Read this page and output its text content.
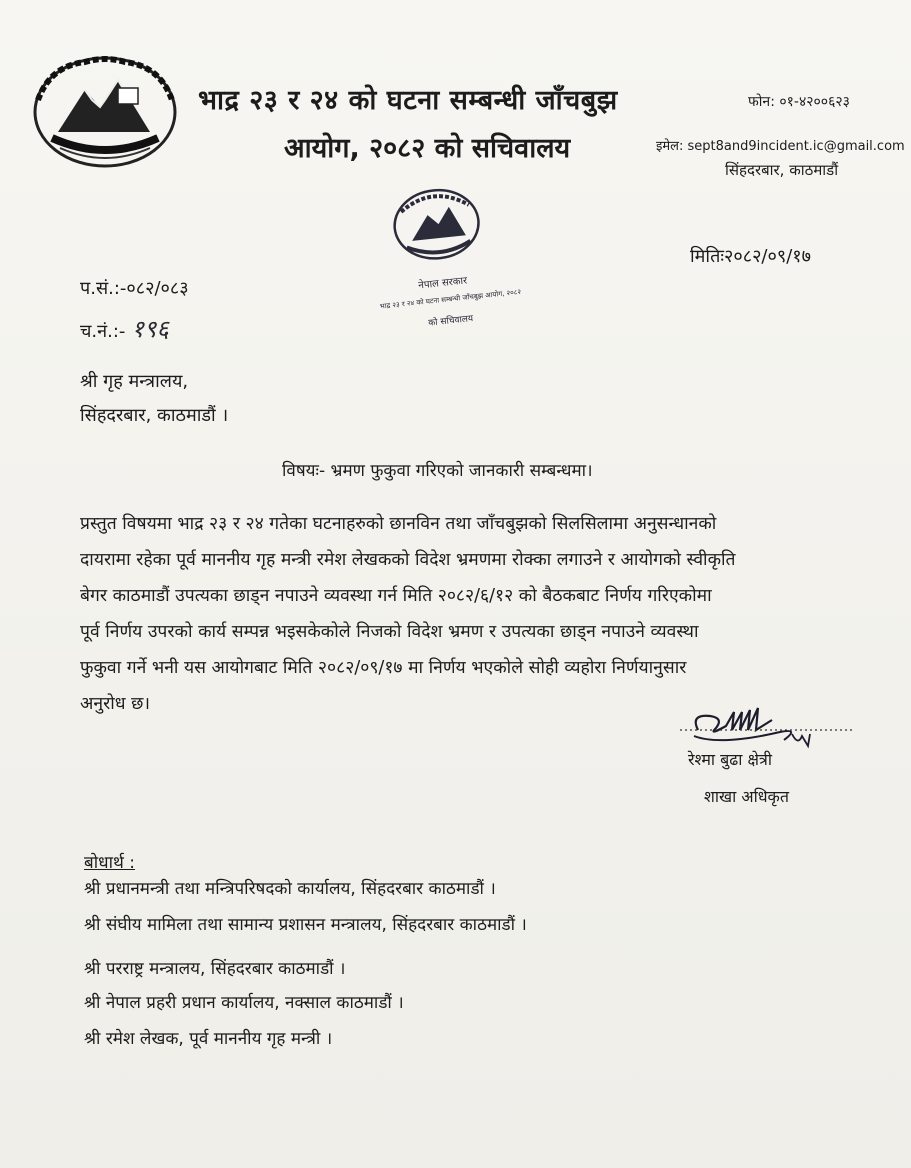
भाद्र २३ र २४ को घटना सम्बन्धी जाँचबुझ
आयोग, २०८२ को सचिवालय
फोन: ०१-४२००६२३
इमेल: sept8and9incident.ic@gmail.com
सिंहदरबार, काठमाडौं
नेपाल सरकार
भाद्र २३ र २४ को घटना सम्बन्धी जाँचबुझ आयोग, २०८२
को सचिवालय
मितिः२०८२/०९/१७
प.सं.:-०८२/०८३
च.नं.:- १९६
श्री गृह मन्त्रालय,
सिंहदरबार, काठमाडौं ।
विषयः- भ्रमण फुकुवा गरिएको जानकारी सम्बन्धमा।
प्रस्तुत विषयमा भाद्र २३ र २४ गतेका घटनाहरुको छानविन तथा जाँचबुझको सिलसिलामा अनुसन्धानको
दायरामा रहेका पूर्व माननीय गृह मन्त्री रमेश लेखकको विदेश भ्रमणमा रोक्‍का लगाउने र आयोगको स्वीकृति
बेगर काठमाडौं उपत्यका छाड्‍न नपाउने व्यवस्था गर्न मिति २०८२/६/१२ को बैठकबाट निर्णय गरिएकोमा
पूर्व निर्णय उपरको कार्य सम्पन्न भइसकेकोले निजको विदेश भ्रमण र उपत्यका छाड्‍न नपाउने व्यवस्था
फुकुवा गर्ने भनी यस आयोगबाट मिति २०८२/०९/१७ मा निर्णय भएकोले सोही व्यहोरा निर्णयानुसार
अनुरोध छ।
रेश्मा बुढा क्षेत्री
शाखा अधिकृत
बोधार्थ :
श्री प्रधानमन्त्री तथा मन्त्रिपरिषदको कार्यालय, सिंहदरबार काठमाडौं ।
श्री संघीय मामिला तथा सामान्य प्रशासन मन्त्रालय, सिंहदरबार काठमाडौं ।
श्री परराष्ट्र मन्त्रालय, सिंहदरबार काठमाडौं ।
श्री नेपाल प्रहरी प्रधान कार्यालय, नक्साल काठमाडौं ।
श्री रमेश लेखक, पूर्व माननीय गृह मन्त्री ।
